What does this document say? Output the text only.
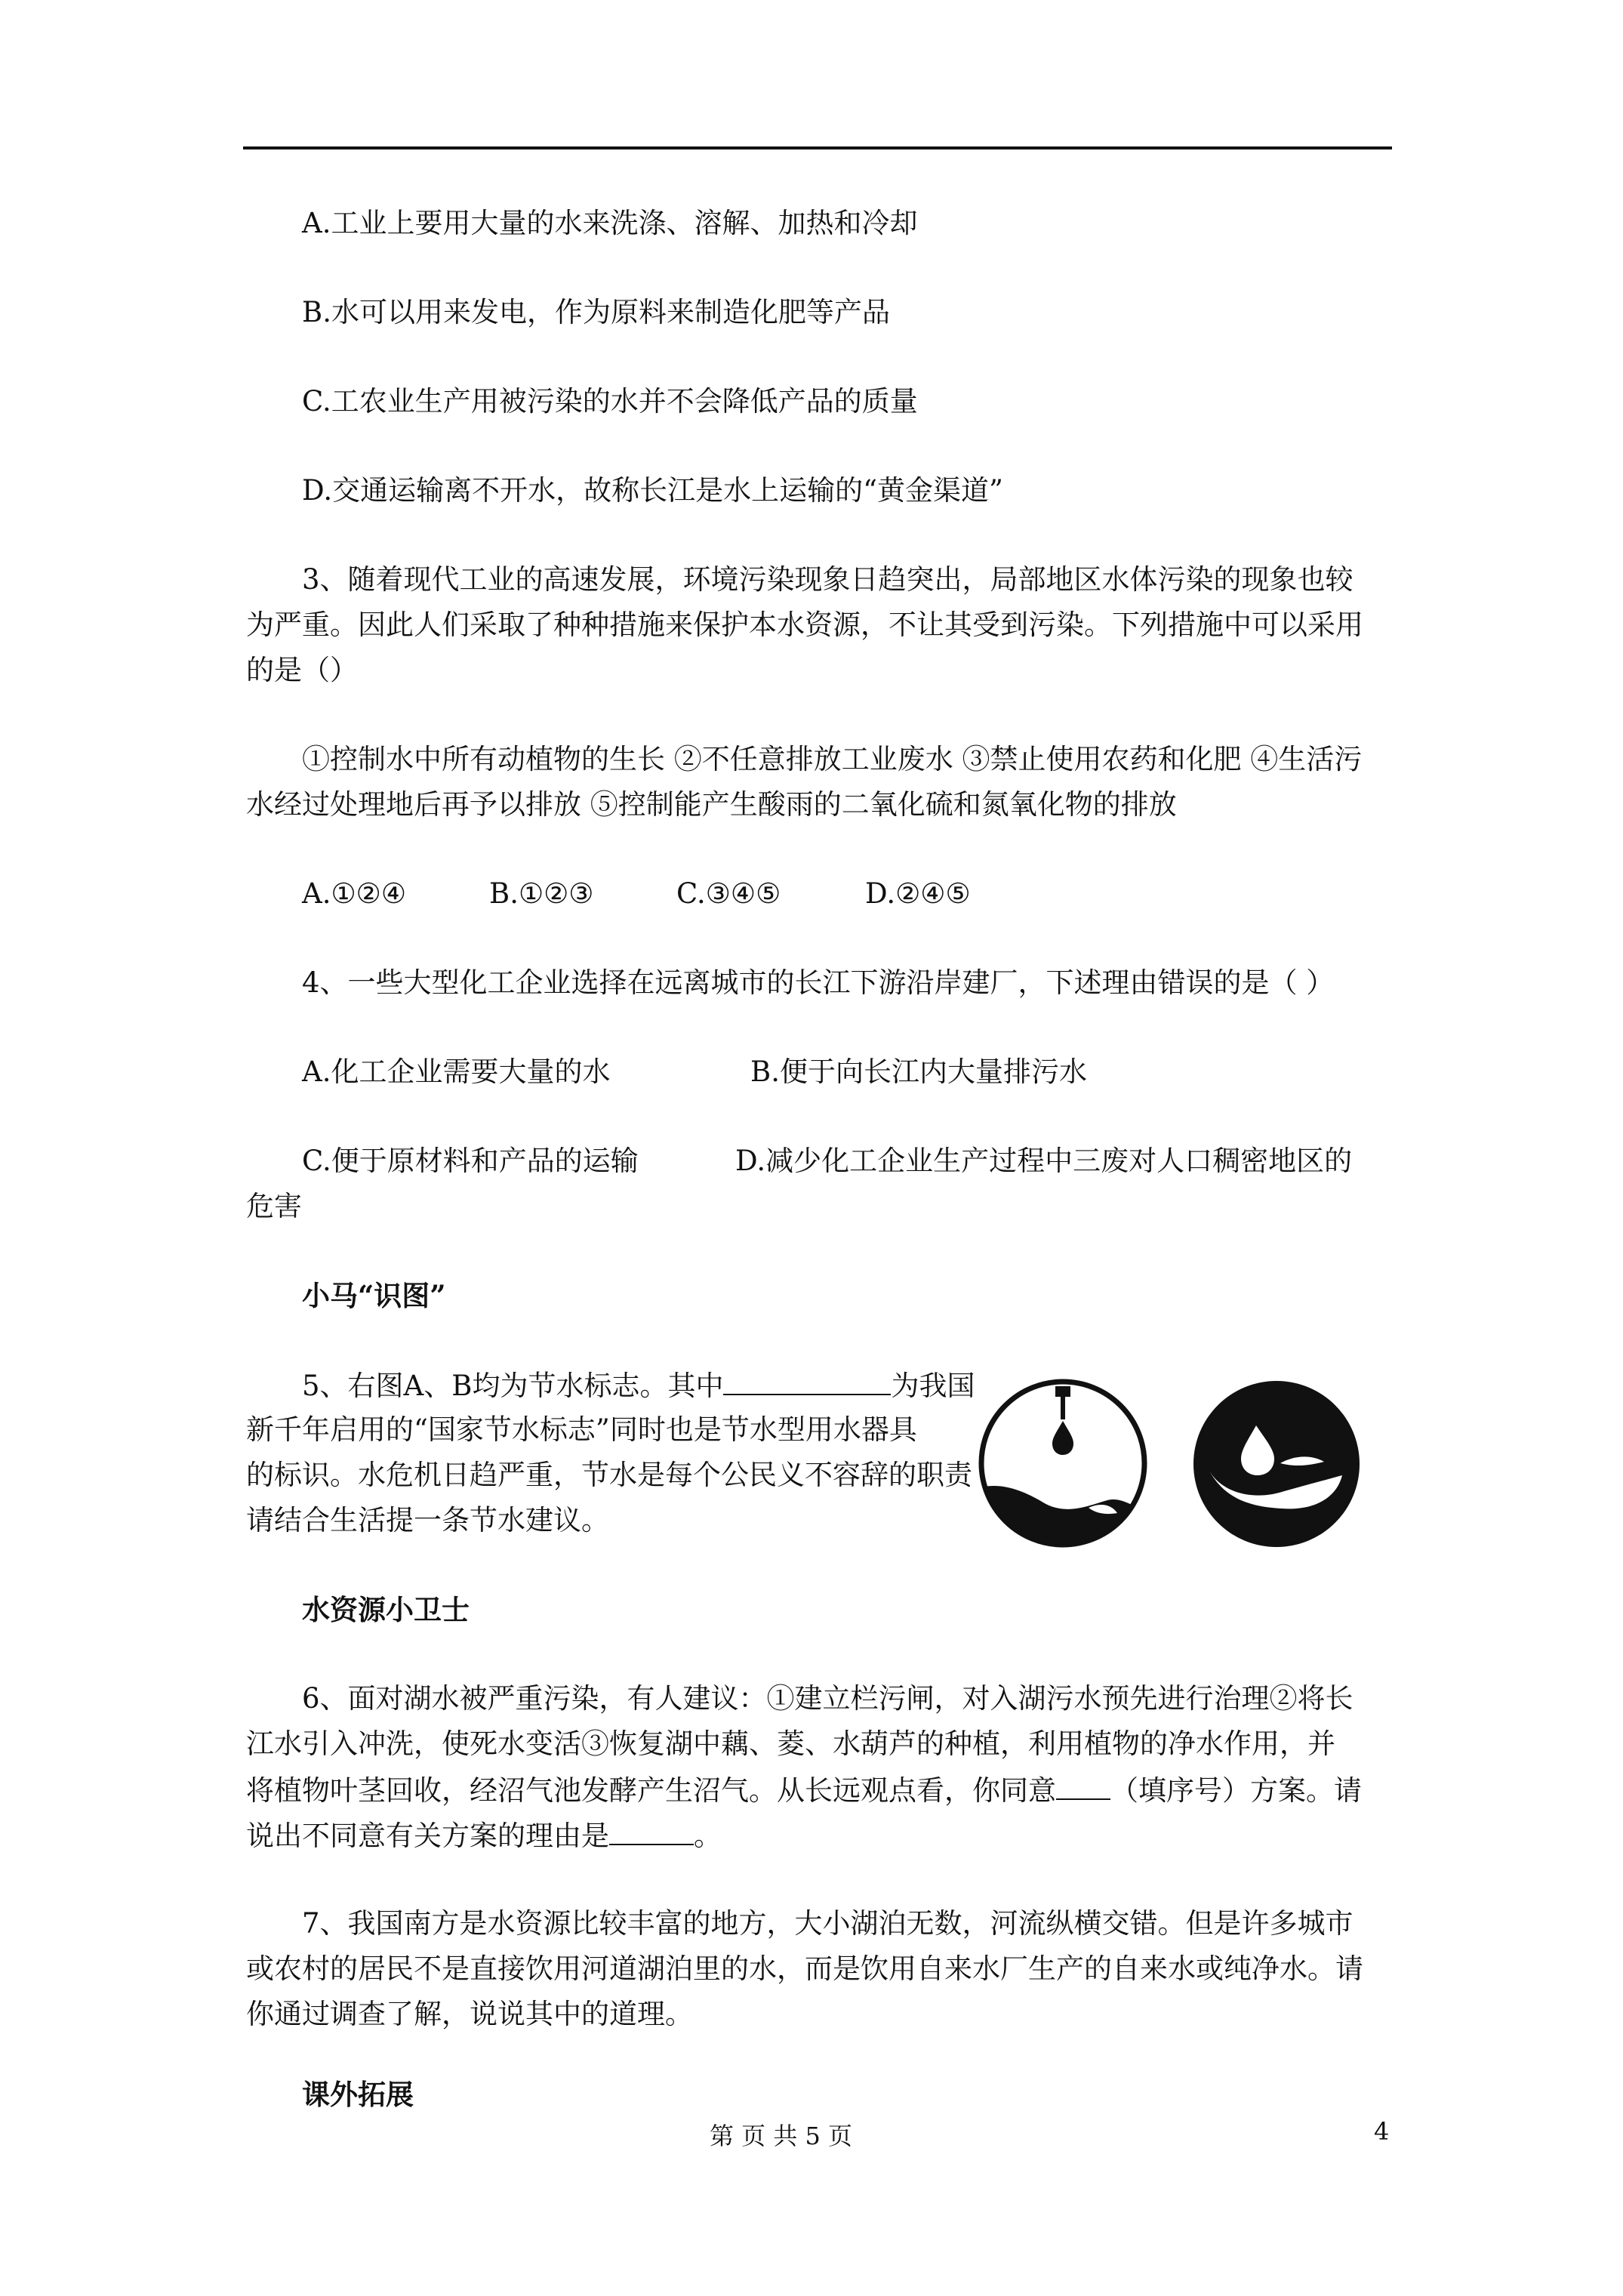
A.工业上要用大量的水来洗涤、溶解、加热和冷却
B.水可以用来发电，作为原料来制造化肥等产品
C.工农业生产用被污染的水并不会降低产品的质量
D.交通运输离不开水，故称长江是水上运输的“黄金渠道”
3、随着现代工业的高速发展，环境污染现象日趋突出，局部地区水体污染的现象也较
为严重。因此人们采取了种种措施来保护本水资源，不让其受到污染。下列措施中可以采用
的是（）
①控制水中所有动植物的生长 ②不任意排放工业废水 ③禁止使用农药和化肥 ④生活污
水经过处理地后再予以排放 ⑤控制能产生酸雨的二氧化硫和氮氧化物的排放
A.①②④	B.①②③	C.③④⑤	D.②④⑤
4、一些大型化工企业选择在远离城市的长江下游沿岸建厂，下述理由错误的是（ ）
A.化工企业需要大量的水	B.便于向长江内大量排污水
C.便于原材料和产品的运输	D.减少化工企业生产过程中三废对人口稠密地区的
危害
小马“识图”
5、右图A、B均为节水标志。其中	为我国
新千年启用的“国家节水标志”同时也是节水型用水器具
的标识。水危机日趋严重，节水是每个公民义不容辞的职责
请结合生活提一条节水建议。
水资源小卫士
6、面对湖水被严重污染，有人建议：①建立栏污闸，对入湖污水预先进行治理②将长
江水引入冲洗，使死水变活③恢复湖中藕、菱、水葫芦的种植，利用植物的净水作用，并
将植物叶茎回收，经沼气池发酵产生沼气。从长远观点看，你同意 （填序号）方案。请
说出不同意有关方案的理由是	。
7、我国南方是水资源比较丰富的地方，大小湖泊无数，河流纵横交错。但是许多城市
或农村的居民不是直接饮用河道湖泊里的水，而是饮用自来水厂生产的自来水或纯净水。请
你通过调查了解，说说其中的道理。
课外拓展
第 页 共 5 页	4
